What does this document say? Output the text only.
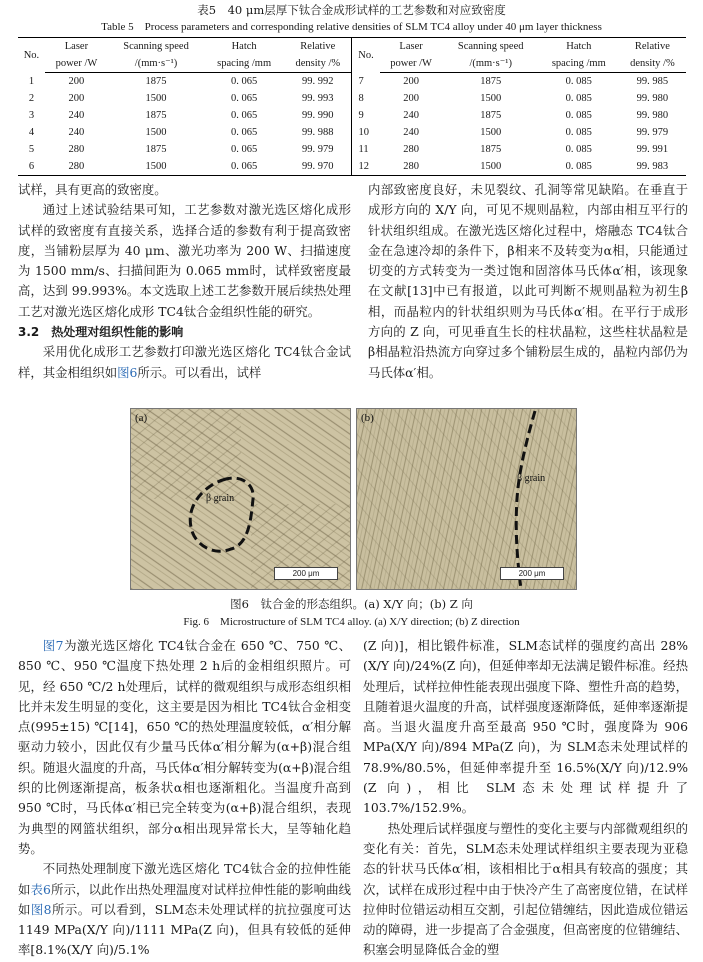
表5　40 μm层厚下钛合金成形试样的工艺参数和对应致密度
Table 5　Process parameters and corresponding relative densities of SLM TC4 alloy under 40 μm layer thickness
No.	Laser	Scanning speed	Hatch	Relative	No.	Laser	Scanning speed	Hatch	Relative
	power /W	/(mm·s⁻¹)	spacing /mm	density /%		power /W	/(mm·s⁻¹)	spacing /mm	density /%
1	200	1875	0. 065	99. 992	7	200	1875	0. 085	99. 985
2	200	1500	0. 065	99. 993	8	200	1500	0. 085	99. 980
3	240	1875	0. 065	99. 990	9	240	1875	0. 085	99. 980
4	240	1500	0. 065	99. 988	10	240	1500	0. 085	99. 979
5	280	1875	0. 065	99. 979	11	280	1875	0. 085	99. 991
6	280	1500	0. 065	99. 970	12	280	1500	0. 085	99. 983

试样，具有更高的致密度。

通过上述试验结果可知，工艺参数对激光选区熔化成形试样的致密度有直接关系，选择合适的参数有利于提高致密度，当铺粉层厚为 40 μm、激光功率为 200 W、扫描速度为 1500 mm/s、扫描间距为 0.065 mm时，试样致密度最高，达到 99.993%。本文选取上述工艺参数开展后续热处理工艺对激光选区熔化成形 TC4钛合金组织性能的研究。

3.2　热处理对组织性能的影响

采用优化成形工艺参数打印激光选区熔化 TC4钛合金试样，其金相组织如图6所示。可以看出，试样

内部致密度良好，未见裂纹、孔洞等常见缺陷。在垂直于成形方向的 X/Y 向，可见不规则晶粒，内部由相互平行的针状组织组成。在激光选区熔化过程中，熔融态 TC4钛合金在急速冷却的条件下，β相来不及转变为α相，只能通过切变的方式转变为一类过饱和固溶体马氏体α′相，该现象在文献[13]中已有报道，以此可判断不规则晶粒为初生β相，而晶粒内的针状组织则为马氏体α′相。在平行于成形方向的 Z 向，可见垂直生长的柱状晶粒，这些柱状晶粒是β相晶粒沿热流方向穿过多个铺粉层生成的，晶粒内部仍为马氏体α′相。

(a)
β grain
200 μm
(b)
β grain
200 μm
图6　钛合金的形态组织。(a) X/Y 向；(b) Z 向
Fig. 6　Microstructure of SLM TC4 alloy. (a) X/Y direction; (b) Z direction

图7为激光选区熔化 TC4钛合金在 650 ℃、750 ℃、850 ℃、950 ℃温度下热处理 2 h后的金相组织照片。可见，经 650 ℃/2 h处理后，试样的微观组织与成形态组织相比并未发生明显的变化，这主要是因为相比 TC4钛合金相变点(995±15) ℃[14]，650 ℃的热处理温度较低，α′相分解驱动力较小，因此仅有少量马氏体α′相分解为(α+β)混合组织。随退火温度的升高，马氏体α′相分解转变为(α+β)混合组织的比例逐渐提高，板条状α相也逐渐粗化。当温度升高到 950 ℃时，马氏体α′相已完全转变为(α+β)混合组织，表现为典型的网篮状组织，部分α相出现异常长大，呈等轴化趋势。

不同热处理制度下激光选区熔化 TC4钛合金的拉伸性能如表6所示，以此作出热处理温度对试样拉伸性能的影响曲线如图8所示。可以看到，SLM态未处理试样的抗拉强度可达 1149 MPa(X/Y 向)/1111 MPa(Z 向)，但具有较低的延伸率[8.1%(X/Y 向)/5.1%

(Z 向)]，相比锻件标准，SLM态试样的强度约高出 28%(X/Y 向)/24%(Z 向)，但延伸率却无法满足锻件标准。经热处理后，试样拉伸性能表现出强度下降、塑性升高的趋势，且随着退火温度的升高，试样强度逐渐降低，延伸率逐渐提高。当退火温度升高至最高 950 ℃时，强度降为 906 MPa(X/Y 向)/894 MPa(Z 向)，为 SLM态未处理试样的 78.9%/80.5%，但延伸率提升至 16.5%(X/Y 向)/12.9%(Z 向)，相比 SLM态未处理试样提升了 103.7%/152.9%。

热处理后试样强度与塑性的变化主要与内部微观组织的变化有关：首先，SLM态未处理试样组织主要表现为亚稳态的针状马氏体α′相，该相相比于α相具有较高的强度；其次，试样在成形过程中由于快冷产生了高密度位错，在试样拉伸时位错运动相互交割，引起位错缠结，因此造成位错运动的障碍，进一步提高了合金强度，但高密度的位错缠结、积塞会明显降低合金的塑
